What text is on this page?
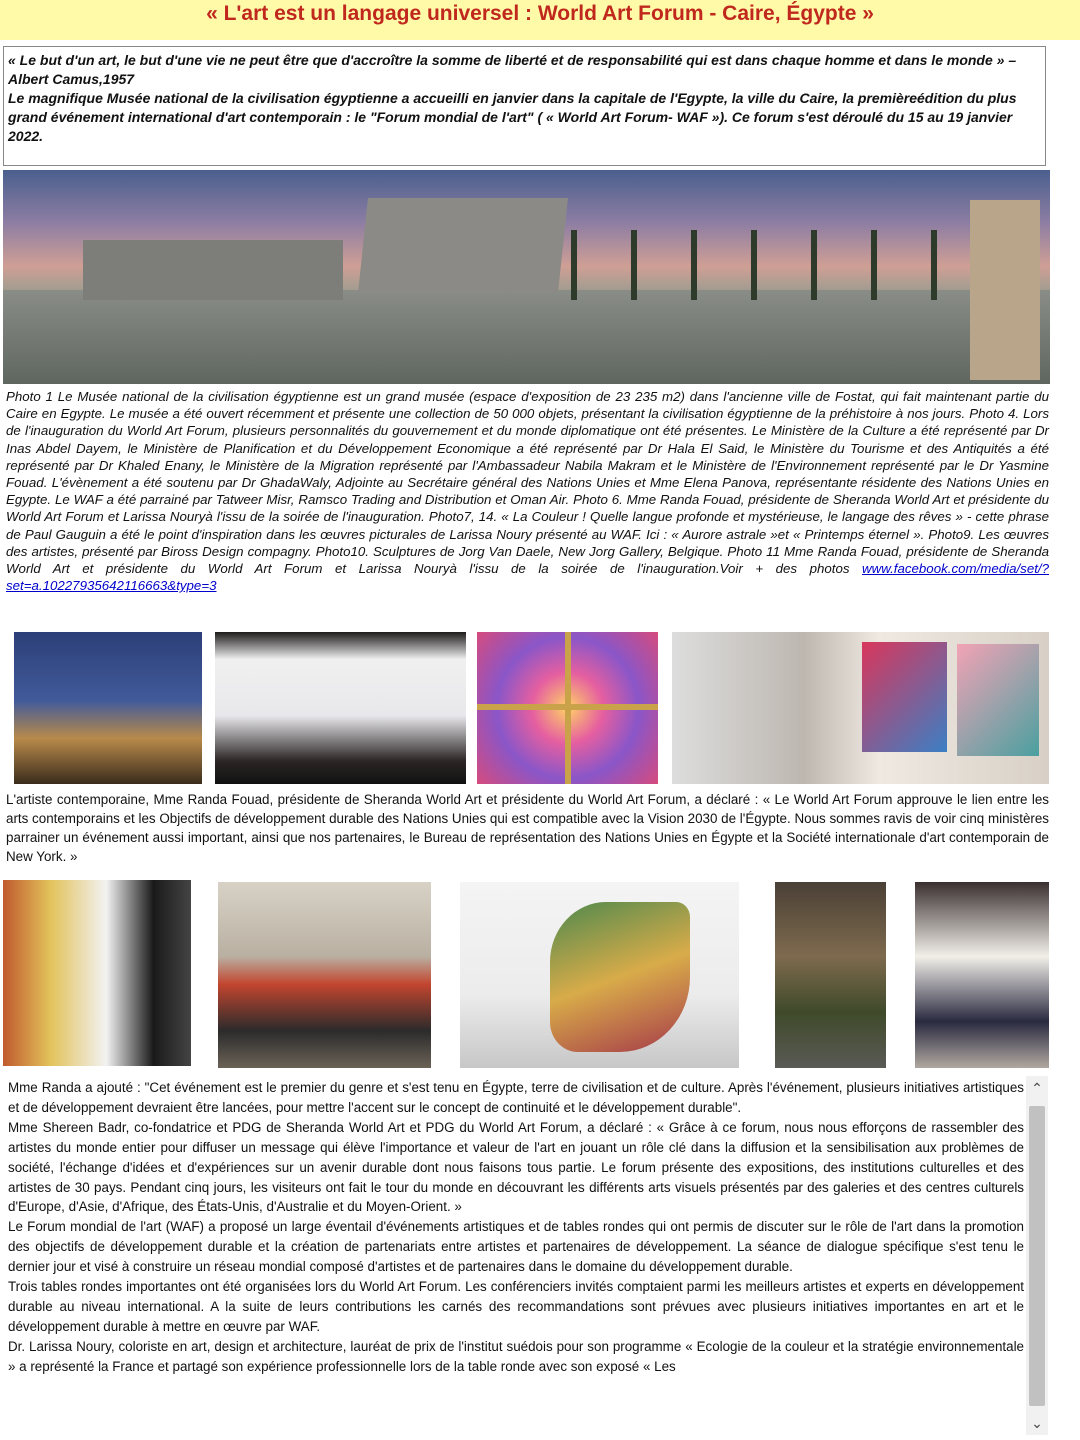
« L'art est un langage universel : World Art Forum - Caire, Égypte »

« Le but d'un art, le but d'une vie ne peut être que d'accroître la somme de liberté et de responsabilité qui est dans chaque homme et dans le monde » – Albert Camus,1957

Le magnifique Musée national de la civilisation égyptienne a accueilli en janvier dans la capitale de l'Egypte, la ville du Caire, la premièreédition du plus grand événement international d'art contemporain : le "Forum mondial de l'art" ( « World Art Forum- WAF »). Ce forum s'est déroulé du 15 au 19 janvier 2022.

Photo 1 Le Musée national de la civilisation égyptienne est un grand musée (espace d'exposition de 23 235 m2) dans l'ancienne ville de Fostat, qui fait maintenant partie du Caire en Egypte. Le musée a été ouvert récemment et présente une collection de 50 000 objets, présentant la civilisation égyptienne de la préhistoire à nos jours. Photo 4. Lors de l'inauguration du World Art Forum, plusieurs personnalités du gouvernement et du monde diplomatique ont été présentes. Le Ministère de la Culture a été représenté par Dr Inas Abdel Dayem, le Ministère de Planification et du Développement Economique a été représenté par Dr Hala El Said, le Ministère du Tourisme et des Antiquités a été représenté par Dr Khaled Enany, le Ministère de la Migration représenté par l'Ambassadeur Nabila Makram et le Ministère de l'Environnement représenté par le Dr Yasmine Fouad. L'évènement a été soutenu par Dr GhadaWaly, Adjointe au Secrétaire général des Nations Unies et Mme Elena Panova, représentante résidente des Nations Unies en Egypte. Le WAF a été parrainé par Tatweer Misr, Ramsco Trading and Distribution et Oman Air. Photo 6. Mme Randa Fouad, présidente de Sheranda World Art et présidente du World Art Forum et Larissa Nouryà l'issu de la soirée de l'inauguration. Photo7, 14. « La Couleur ! Quelle langue profonde et mystérieuse, le langage des rêves » - cette phrase de Paul Gauguin a été le point d'inspiration dans les œuvres picturales de Larissa Noury présenté au WAF. Ici : « Aurore astrale »et « Printemps éternel ». Photo9. Les œuvres des artistes, présenté par Biross Design compagny. Photo10. Sculptures de Jorg Van Daele, New Jorg Gallery, Belgique. Photo 11 Mme Randa Fouad, présidente de Sheranda World Art et présidente du World Art Forum et Larissa Nouryà l'issu de la soirée de l'inauguration.Voir + des photos www.facebook.com/media/set/?set=a.10227935642116663&type=3

L'artiste contemporaine, Mme Randa Fouad, présidente de Sheranda World Art et présidente du World Art Forum, a déclaré : « Le World Art Forum approuve le lien entre les arts contemporains et les Objectifs de développement durable des Nations Unies qui est compatible avec la Vision 2030 de l'Égypte. Nous sommes ravis de voir cinq ministères parrainer un événement aussi important, ainsi que nos partenaires, le Bureau de représentation des Nations Unies en Égypte et la Société internationale d'art contemporain de New York. »

Mme Randa a ajouté : "Cet événement est le premier du genre et s'est tenu en Égypte, terre de civilisation et de culture. Après l'événement, plusieurs initiatives artistiques et de développement devraient être lancées, pour mettre l'accent sur le concept de continuité et le développement durable".

Mme Shereen Badr, co-fondatrice et PDG de Sheranda World Art et PDG du World Art Forum, a déclaré : « Grâce à ce forum, nous nous efforçons de rassembler des artistes du monde entier pour diffuser un message qui élève l'importance et valeur de l'art en jouant un rôle clé dans la diffusion et la sensibilisation aux problèmes de société, l'échange d'idées et d'expériences sur un avenir durable dont nous faisons tous partie. Le forum présente des expositions, des institutions culturelles et des artistes de 30 pays. Pendant cinq jours, les visiteurs ont fait le tour du monde en découvrant les différents arts visuels présentés par des galeries et des centres culturels d'Europe, d'Asie, d'Afrique, des États-Unis, d'Australie et du Moyen-Orient. »

Le Forum mondial de l'art (WAF) a proposé un large éventail d'événements artistiques et de tables rondes qui ont permis de discuter sur le rôle de l'art dans la promotion des objectifs de développement durable et la création de partenariats entre artistes et partenaires de développement. La séance de dialogue spécifique s'est tenu le dernier jour et visé à construire un réseau mondial composé d'artistes et de partenaires dans le domaine du développement durable.

Trois tables rondes importantes ont été organisées lors du World Art Forum. Les conférenciers invités comptaient parmi les meilleurs artistes et experts en développement durable au niveau international. A la suite de leurs contributions les carnés des recommandations sont prévues avec plusieurs initiatives importantes en art et le développement durable à mettre en œuvre par WAF.

Dr. Larissa Noury, coloriste en art, design et architecture, lauréat de prix de l'institut suédois pour son programme « Ecologie de la couleur et la stratégie environnementale » a représenté la France et partagé son expérience professionnelle lors de la table ronde avec son exposé « Les

⌃
⌄
